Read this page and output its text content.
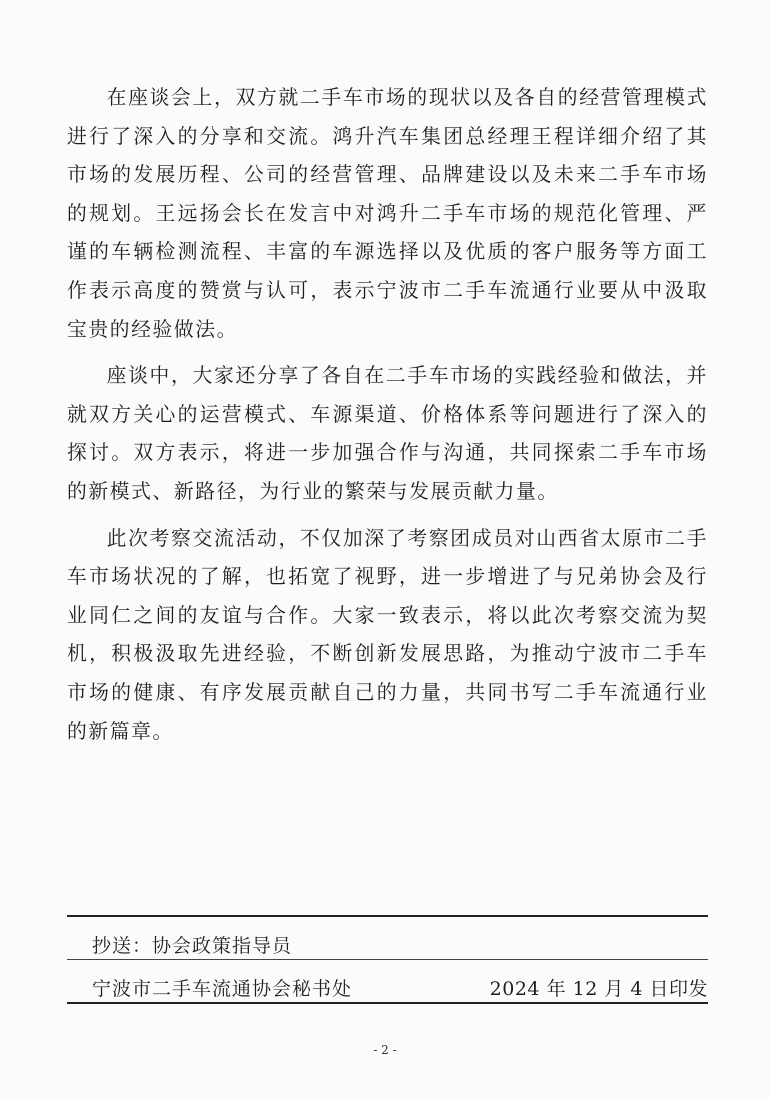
在座谈会上，双方就二手车市场的现状以及各自的经营管理模式进行了深入的分享和交流。鸿升汽车集团总经理王程详细介绍了其市场的发展历程、公司的经营管理、品牌建设以及未来二手车市场的规划。王远扬会长在发言中对鸿升二手车市场的规范化管理、严谨的车辆检测流程、丰富的车源选择以及优质的客户服务等方面工作表示高度的赞赏与认可，表示宁波市二手车流通行业要从中汲取宝贵的经验做法。

座谈中，大家还分享了各自在二手车市场的实践经验和做法，并就双方关心的运营模式、车源渠道、价格体系等问题进行了深入的探讨。双方表示，将进一步加强合作与沟通，共同探索二手车市场的新模式、新路径，为行业的繁荣与发展贡献力量。

此次考察交流活动，不仅加深了考察团成员对山西省太原市二手车市场状况的了解，也拓宽了视野，进一步增进了与兄弟协会及行业同仁之间的友谊与合作。大家一致表示，将以此次考察交流为契机，积极汲取先进经验，不断创新发展思路，为推动宁波市二手车市场的健康、有序发展贡献自己的力量，共同书写二手车流通行业的新篇章。

抄送：协会政策指导员
宁波市二手车流通协会秘书处	2024 年 12 月 4 日印发
- 2 -
